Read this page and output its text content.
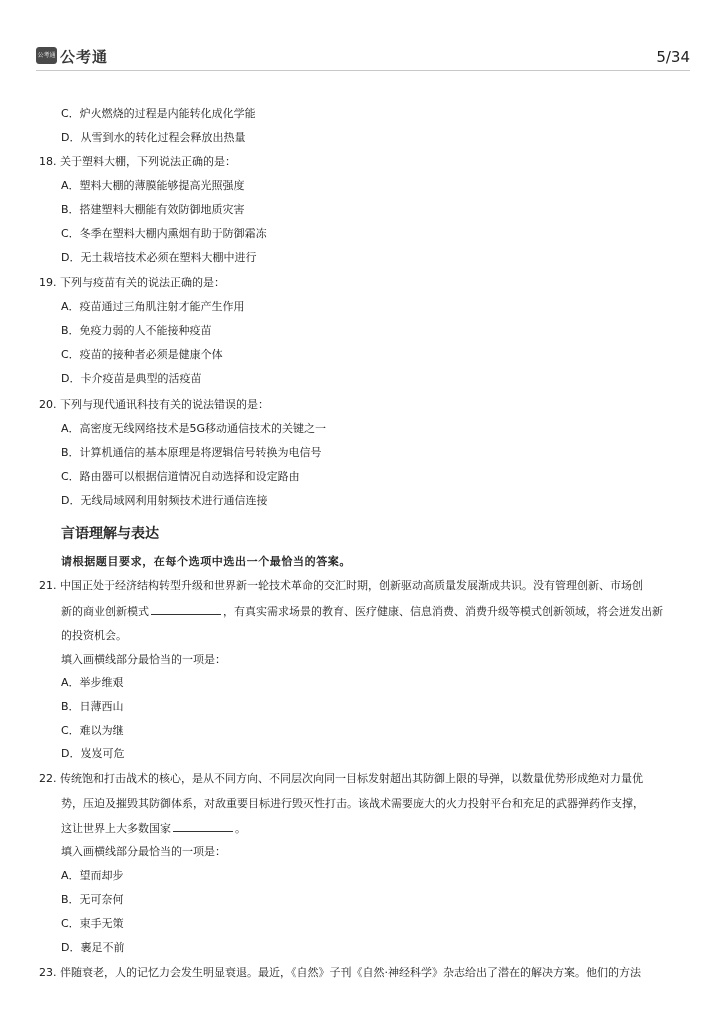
公考通 公考通	5/34
C．炉火燃烧的过程是内能转化成化学能
D．从雪到水的转化过程会释放出热量
18. 关于塑料大棚，下列说法正确的是：
A．塑料大棚的薄膜能够提高光照强度
B．搭建塑料大棚能有效防御地质灾害
C．冬季在塑料大棚内熏烟有助于防御霜冻
D．无土栽培技术必须在塑料大棚中进行
19. 下列与疫苗有关的说法正确的是：
A．疫苗通过三角肌注射才能产生作用
B．免疫力弱的人不能接种疫苗
C．疫苗的接种者必须是健康个体
D．卡介疫苗是典型的活疫苗
20. 下列与现代通讯科技有关的说法错误的是：
A．高密度无线网络技术是5G移动通信技术的关键之一
B．计算机通信的基本原理是将逻辑信号转换为电信号
C．路由器可以根据信道情况自动选择和设定路由
D．无线局域网利用射频技术进行通信连接
言语理解与表达
请根据题目要求，在每个选项中选出一个最恰当的答案。
21. 中国正处于经济结构转型升级和世界新一轮技术革命的交汇时期，创新驱动高质量发展渐成共识。没有管理创新、市场创
新的商业创新模式	，有真实需求场景的教育、医疗健康、信息消费、消费升级等模式创新领域，将会迸发出新
的投资机会。
填入画横线部分最恰当的一项是：
A．举步维艰
B．日薄西山
C．难以为继
D．岌岌可危
22. 传统饱和打击战术的核心，是从不同方向、不同层次向同一目标发射超出其防御上限的导弹，以数量优势形成绝对力量优
势，压迫及摧毁其防御体系，对敌重要目标进行毁灭性打击。该战术需要庞大的火力投射平台和充足的武器弹药作支撑，
这让世界上大多数国家	。
填入画横线部分最恰当的一项是：
A．望而却步
B．无可奈何
C．束手无策
D．裹足不前
23. 伴随衰老，人的记忆力会发生明显衰退。最近，《自然》子刊《自然·神经科学》杂志给出了潜在的解决方案。他们的方法
